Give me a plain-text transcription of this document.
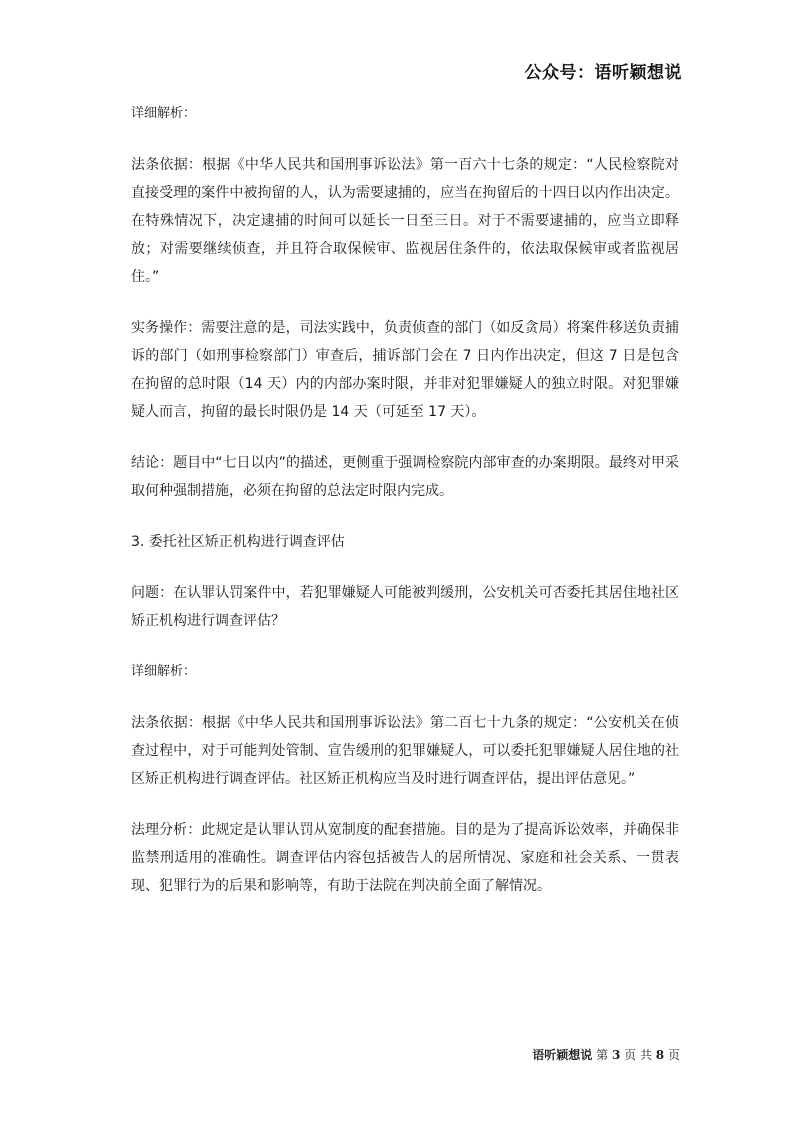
公众号：语听颖想说

详细解析：

法条依据：根据《中华人民共和国刑事诉讼法》第一百六十七条的规定：“人民检察院对直接受理的案件中被拘留的人，认为需要逮捕的，应当在拘留后的十四日以内作出决定。在特殊情况下，决定逮捕的时间可以延长一日至三日。对于不需要逮捕的，应当立即释放；对需要继续侦查，并且符合取保候审、监视居住条件的，依法取保候审或者监视居住。”

实务操作：需要注意的是，司法实践中，负责侦查的部门（如反贪局）将案件移送负责捕诉的部门（如刑事检察部门）审查后，捕诉部门会在 7 日内作出决定，但这 7 日是包含在拘留的总时限（14 天）内的内部办案时限，并非对犯罪嫌疑人的独立时限。对犯罪嫌疑人而言，拘留的最长时限仍是 14 天（可延至 17 天）。

结论：题目中“七日以内”的描述，更侧重于强调检察院内部审查的办案期限。最终对甲采取何种强制措施，必须在拘留的总法定时限内完成。

3. 委托社区矫正机构进行调查评估

问题：在认罪认罚案件中，若犯罪嫌疑人可能被判缓刑，公安机关可否委托其居住地社区矫正机构进行调查评估？

详细解析：

法条依据：根据《中华人民共和国刑事诉讼法》第二百七十九条的规定：“公安机关在侦查过程中，对于可能判处管制、宣告缓刑的犯罪嫌疑人，可以委托犯罪嫌疑人居住地的社区矫正机构进行调查评估。社区矫正机构应当及时进行调查评估，提出评估意见。”

法理分析：此规定是认罪认罚从宽制度的配套措施。目的是为了提高诉讼效率，并确保非监禁刑适用的准确性。调查评估内容包括被告人的居所情况、家庭和社会关系、一贯表现、犯罪行为的后果和影响等，有助于法院在判决前全面了解情况。

语听颖想说 第 3 页 共 8 页
